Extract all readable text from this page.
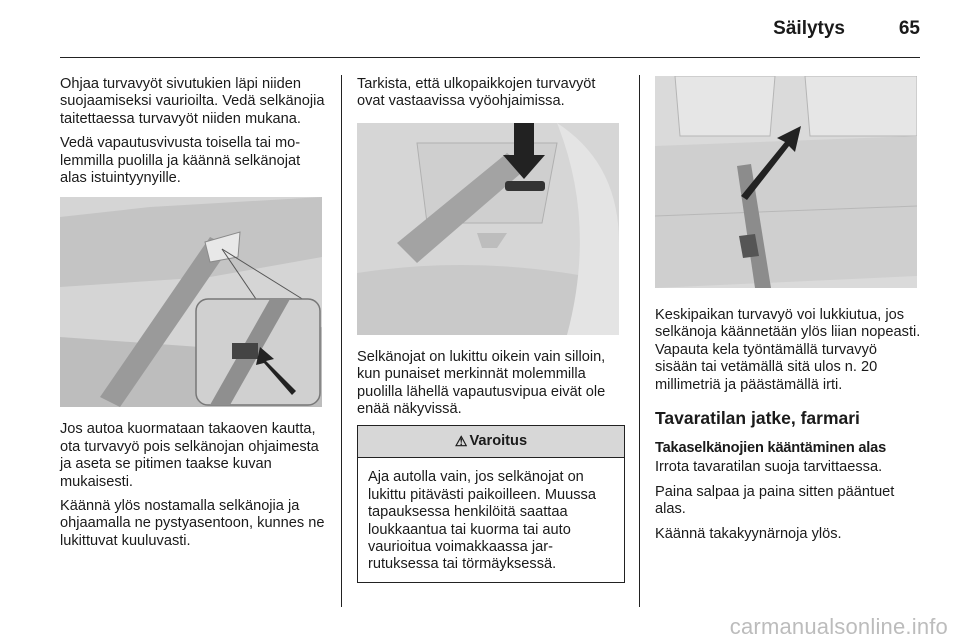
Säilytys	65

Ohjaa turvavyöt sivutukien läpi niiden suojaamiseksi vaurioilta. Vedä selkänojia taitettaessa turvavyöt niiden mukana.

Vedä vapautusvivusta toisella tai molemmilla puolilla ja käännä selkänojat alas istuintyynyille.

Jos autoa kuormataan takaoven kautta, ota turvavyö pois selkänojan ohjaimesta ja aseta se pitimen taakse kuvan mukaisesti.

Käännä ylös nostamalla selkänojia ja ohjaamalla ne pystyasentoon, kunnes ne lukittuvat kuuluvasti.

Tarkista, että ulkopaikkojen turvavyöt ovat vastaavissa vyöohjaimissa.

Selkänojat on lukittu oikein vain silloin, kun punaiset merkinnät molemmilla puolilla lähellä vapautusvipua eivät ole enää näkyvissä.

⚠ Varoitus

Aja autolla vain, jos selkänojat on lukittu pitävästi paikoilleen. Muussa tapauksessa henkilöitä saattaa loukkaantua tai kuorma tai auto vaurioitua voimakkaassa jarrutuksessa tai törmäyksessä.

Keskipaikan turvavyö voi lukkiutua, jos selkänoja käännetään ylös liian nopeasti. Vapauta kela työntämällä turvavyö sisään tai vetämällä sitä ulos n. 20 millimetriä ja päästämällä irti.

Tavaratilan jatke, farmari
Takaselkänojien kääntäminen alas

Irrota tavaratilan suoja tarvittaessa.

Paina salpaa ja paina sitten pääntuet alas.

Käännä takakyynärnoja ylös.

carmanualsonline.info
